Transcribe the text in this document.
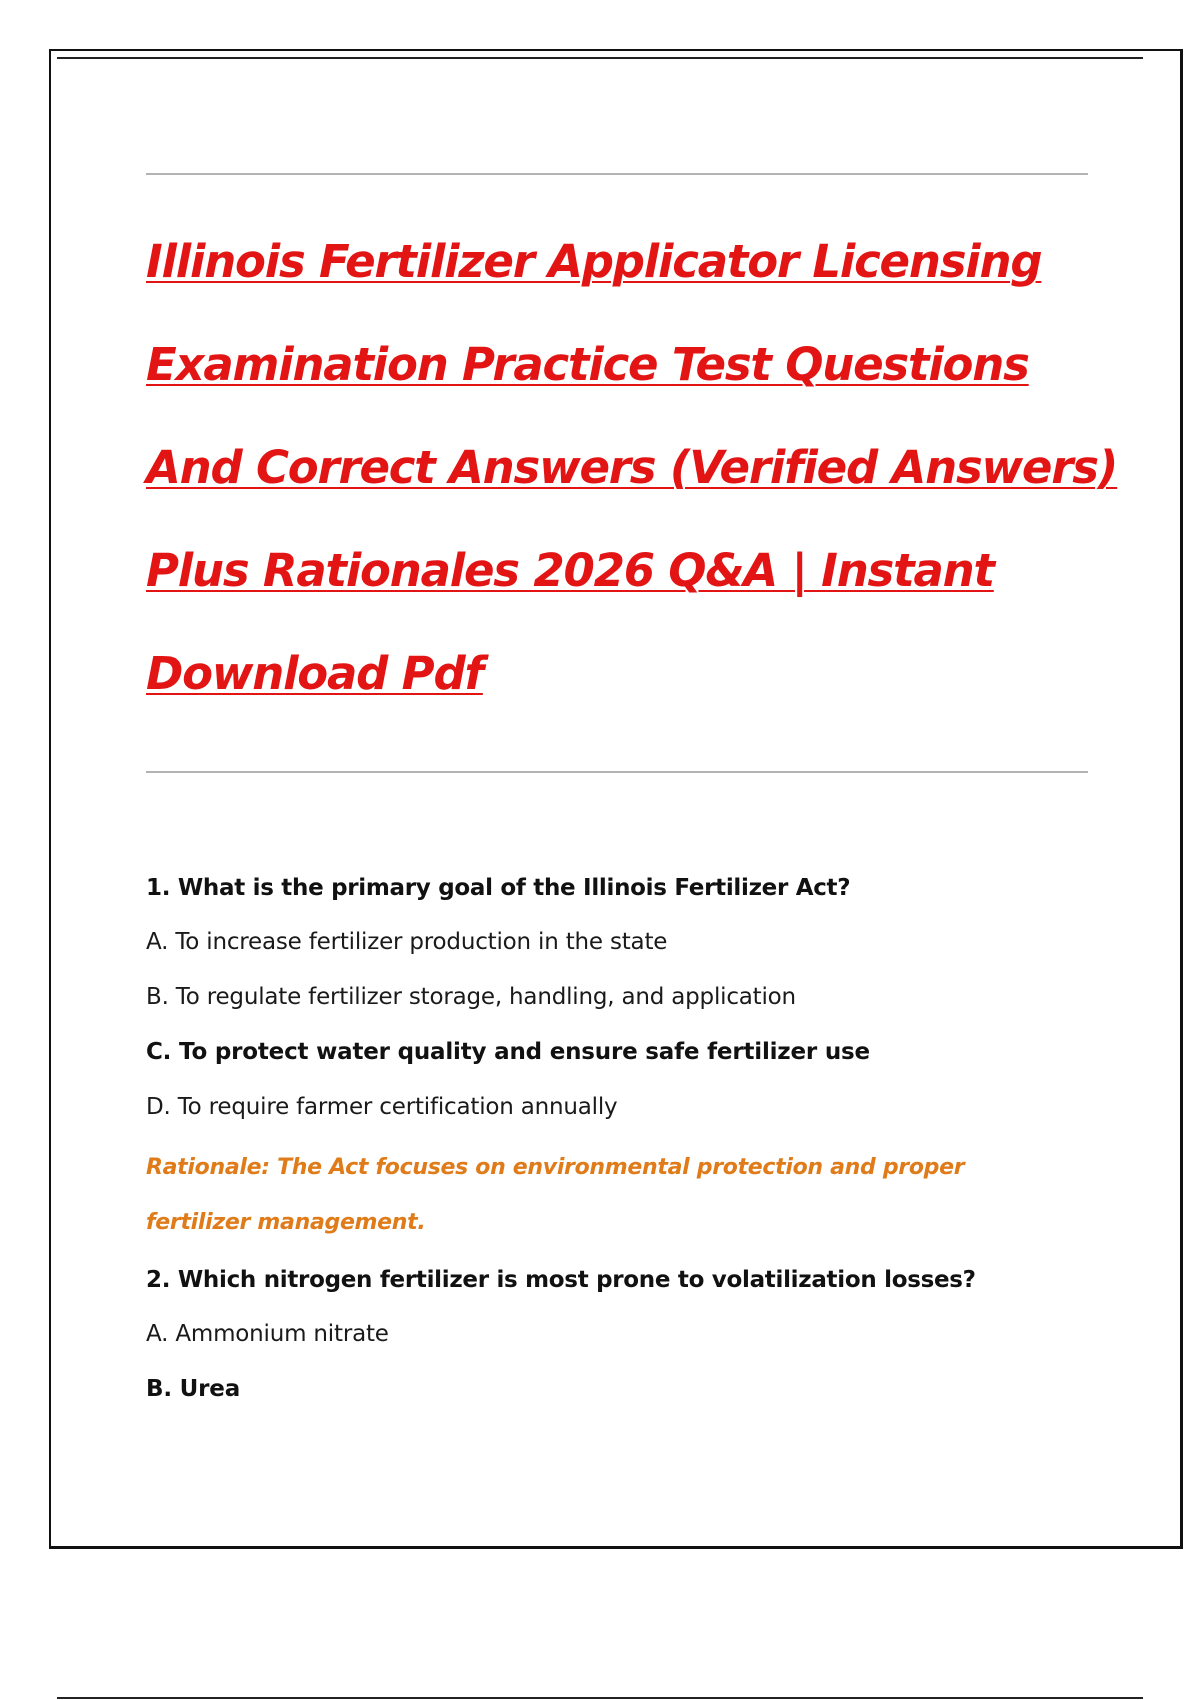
Illinois Fertilizer Applicator Licensing
Examination Practice Test Questions
And Correct Answers (Verified Answers)
Plus Rationales 2026 Q&A | Instant
Download Pdf

1. What is the primary goal of the Illinois Fertilizer Act?

A. To increase fertilizer production in the state

B. To regulate fertilizer storage, handling, and application

C. To protect water quality and ensure safe fertilizer use

D. To require farmer certification annually

Rationale: The Act focuses on environmental protection and proper fertilizer management.

2. Which nitrogen fertilizer is most prone to volatilization losses?

A. Ammonium nitrate

B. Urea
